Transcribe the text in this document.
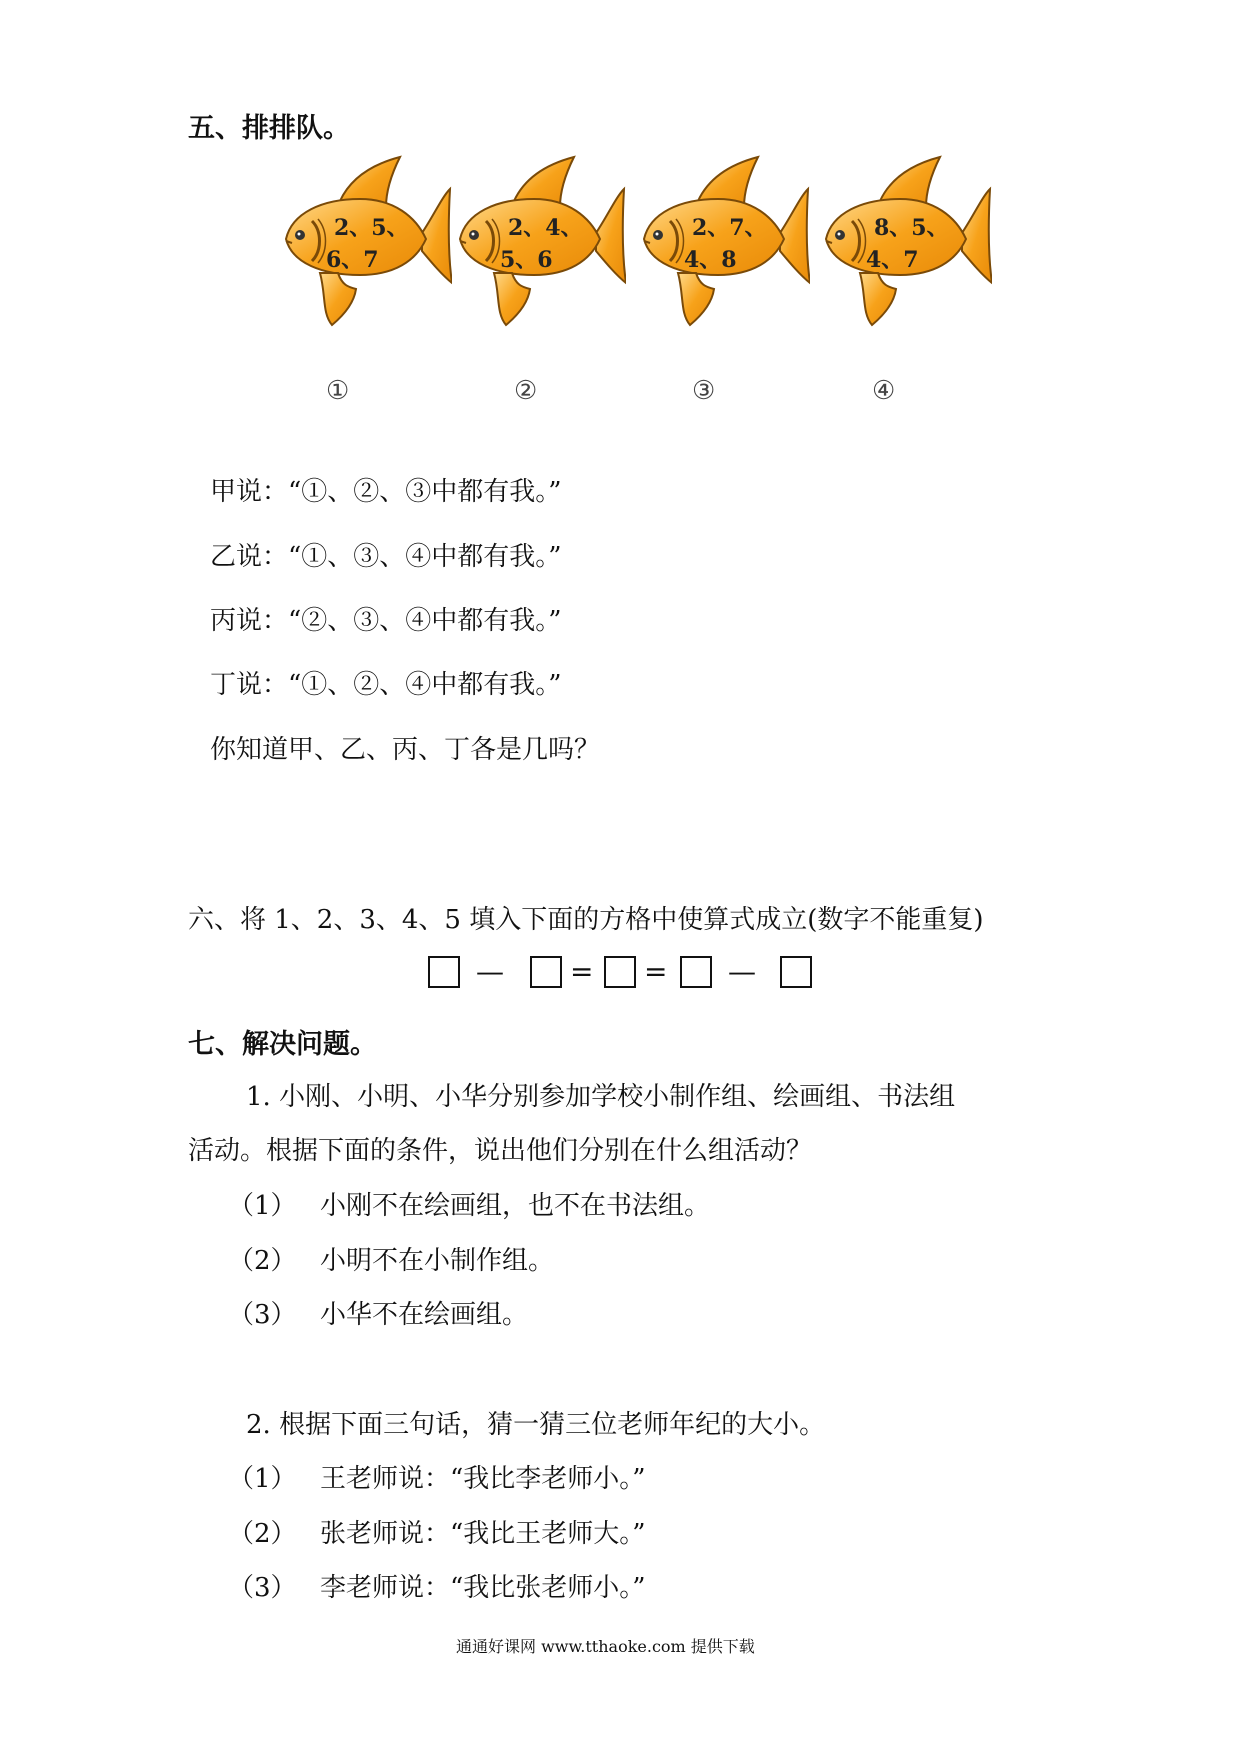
五、排排队。
2、5、
6、7
①
2、4、
5、6
②
2、7、
4、8
③
8、5、
4、7
④
甲说：“①、②、③中都有我。”
乙说：“①、③、④中都有我。”
丙说：“②、③、④中都有我。”
丁说：“①、②、④中都有我。”
你知道甲、乙、丙、丁各是几吗？
六、将 1、2、3、4、5 填入下面的方格中使算式成立(数字不能重复)
— = = —
七、解决问题。
1. 小刚、小明、小华分别参加学校小制作组、绘画组、书法组
活动。根据下面的条件，说出他们分别在什么组活动？
（1） 小刚不在绘画组，也不在书法组。
（2） 小明不在小制作组。
（3） 小华不在绘画组。
2. 根据下面三句话，猜一猜三位老师年纪的大小。
（1） 王老师说：“我比李老师小。”
（2） 张老师说：“我比王老师大。”
（3） 李老师说：“我比张老师小。”
通通好课网 www.tthaoke.com 提供下载
